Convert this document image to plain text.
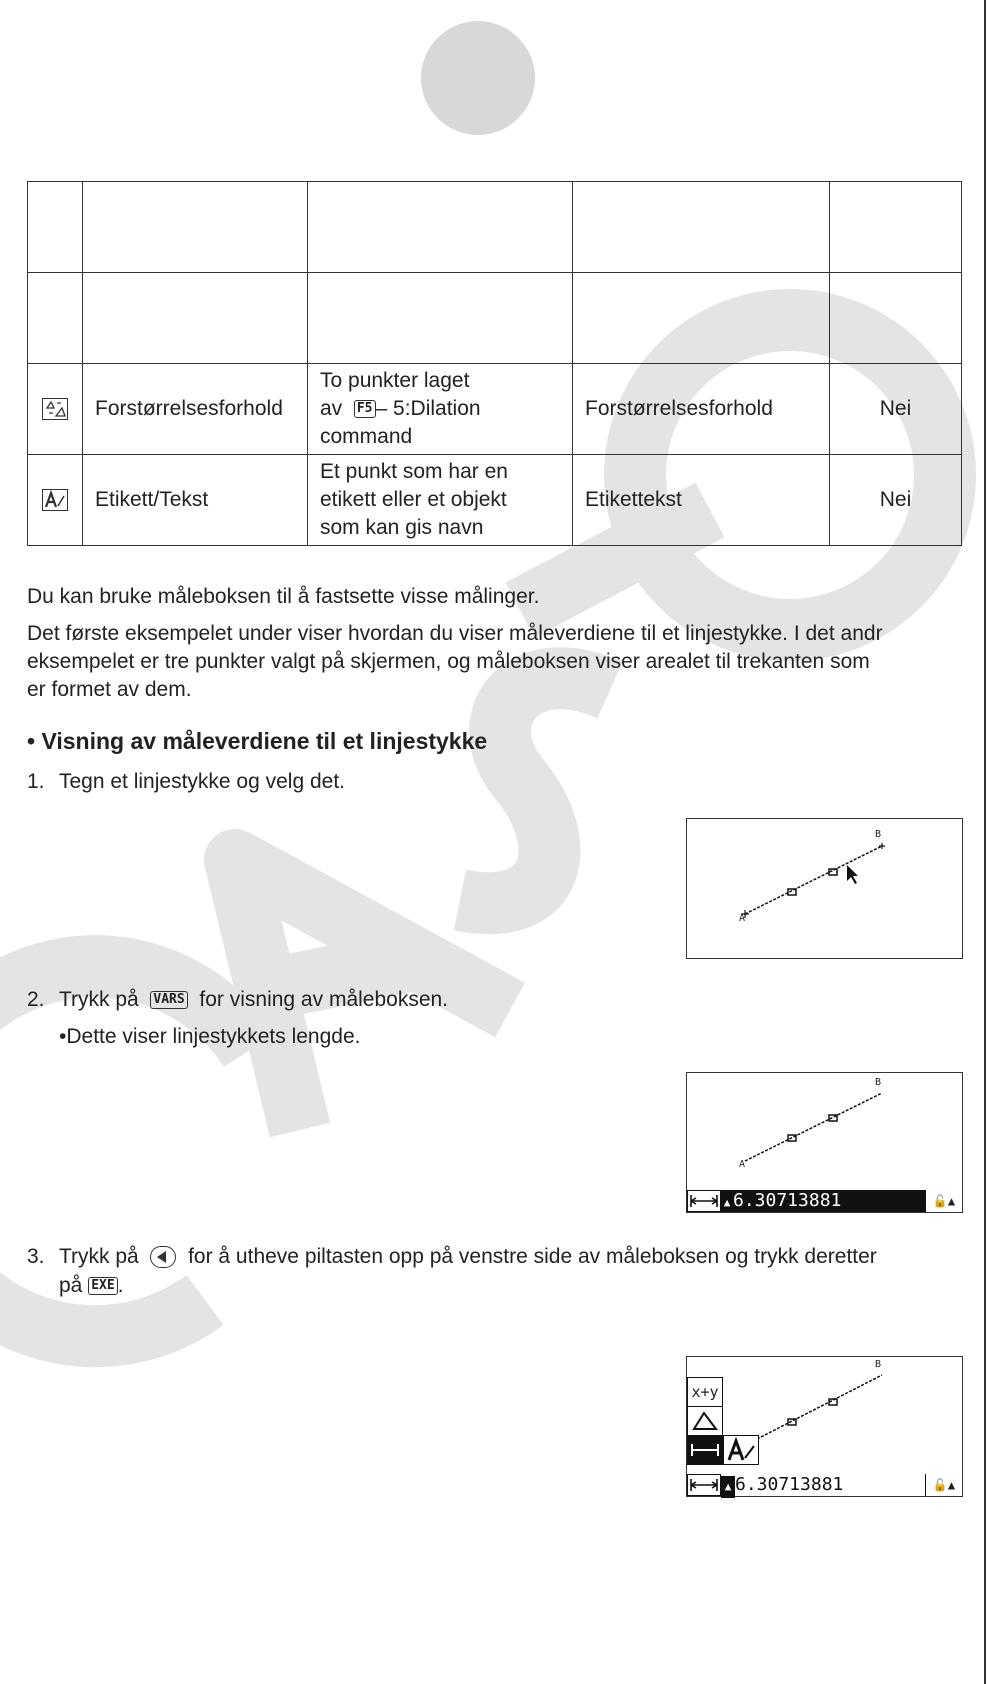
	Forstørrelsesforhold	To punkter laget
av F5 – 5:Dilation
command	Forstørrelsesforhold	Nei

	Etikett/Tekst	Et punkt som har en
etikett eller et objekt
som kan gis navn	Etikettekst	Nei

Du kan bruke måleboksen til å fastsette visse målinger.

Det første eksempelet under viser hvordan du viser måleverdiene til et linjestykke. I det andr
eksempelet er tre punkter valgt på skjermen, og måleboksen viser arealet til trekanten som
er formet av dem.
• Visning av måleverdiene til et linjestykke

1. Tegn et linjestykke og velg det.

A
B

2. Trykk på VARS for visning av måleboksen.

•Dette viser linjestykkets lengde.

A
B
▲ 6.30713881	🔓▲

3. Trykk på for å utheve piltasten opp på venstre side av måleboksen og trykk deretter

på EXE .

B
x+y
▲ 6.30713881	🔓▲
